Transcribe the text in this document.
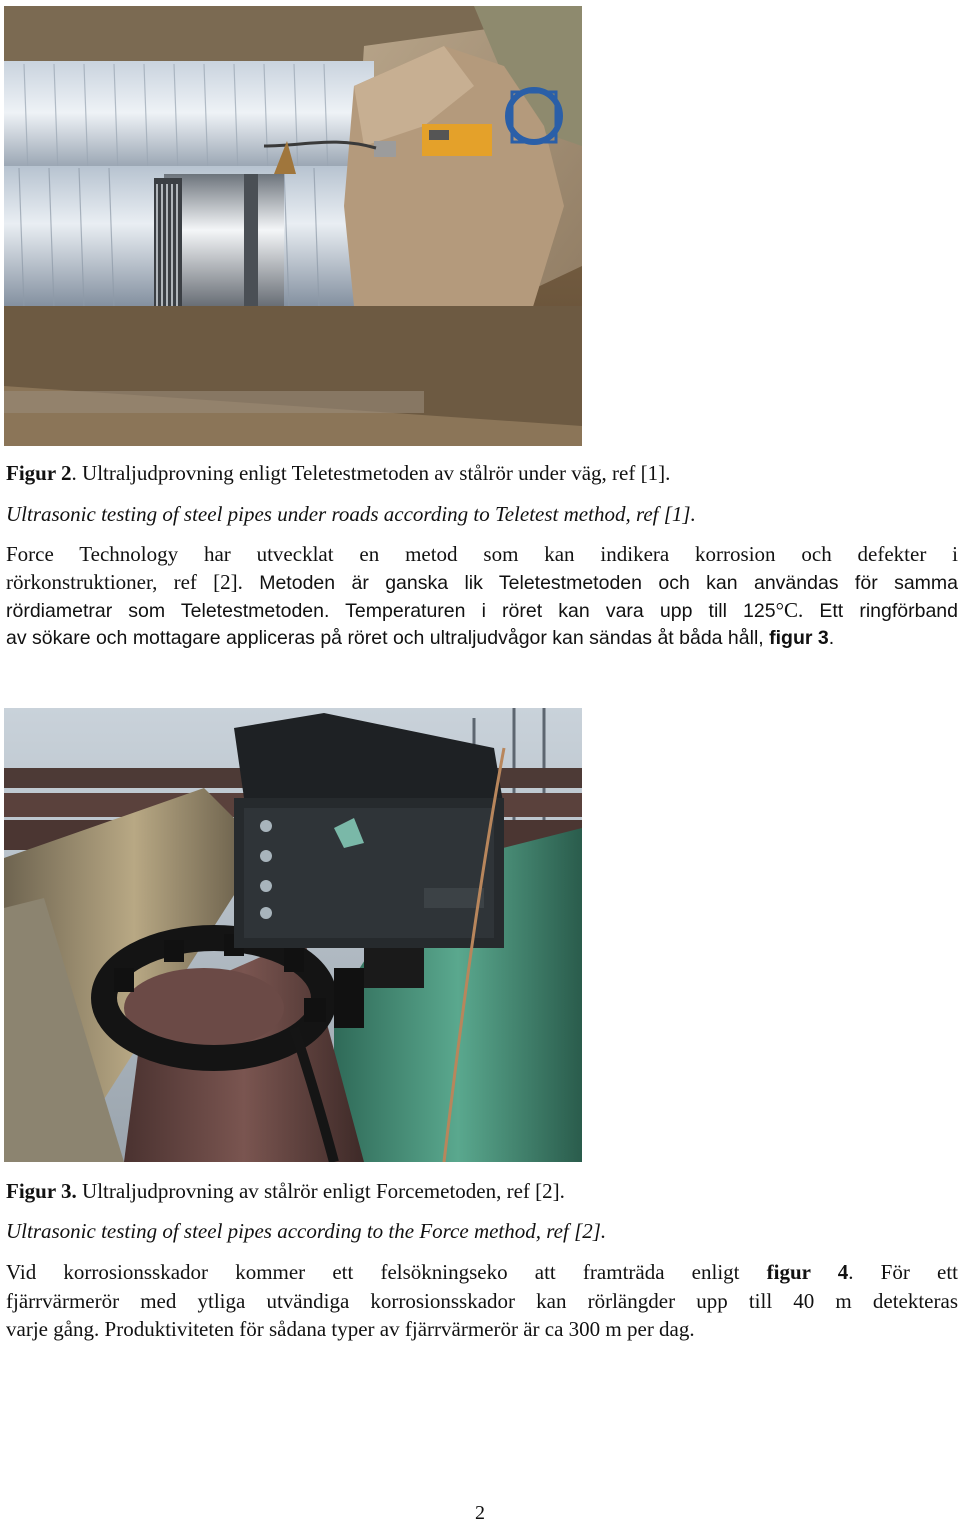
Figur 2. Ultraljudprovning enligt Teletestmetoden av stålrör under väg, ref [1].
Ultrasonic testing of steel pipes under roads according to Teletest method, ref [1].
Force Technology har utvecklat en metod som kan indikera korrosion och defekter i
rörkonstruktioner, ref [2]. Metoden är ganska lik Teletestmetoden och kan användas för samma
rördiametrar som Teletestmetoden. Temperaturen i röret kan vara upp till 125°C. Ett ringförband
av sökare och mottagare appliceras på röret och ultraljudvågor kan sändas åt båda håll, figur 3.
Figur 3. Ultraljudprovning av stålrör enligt Forcemetoden, ref [2].
Ultrasonic testing of steel pipes according to the Force method, ref [2].
Vid korrosionsskador kommer ett felsökningseko att framträda enligt figur 4. För ett
fjärrvärmerör med ytliga utvändiga korrosionsskador kan rörlängder upp till 40 m detekteras
varje gång. Produktiviteten för sådana typer av fjärrvärmerör är ca 300 m per dag.
2
